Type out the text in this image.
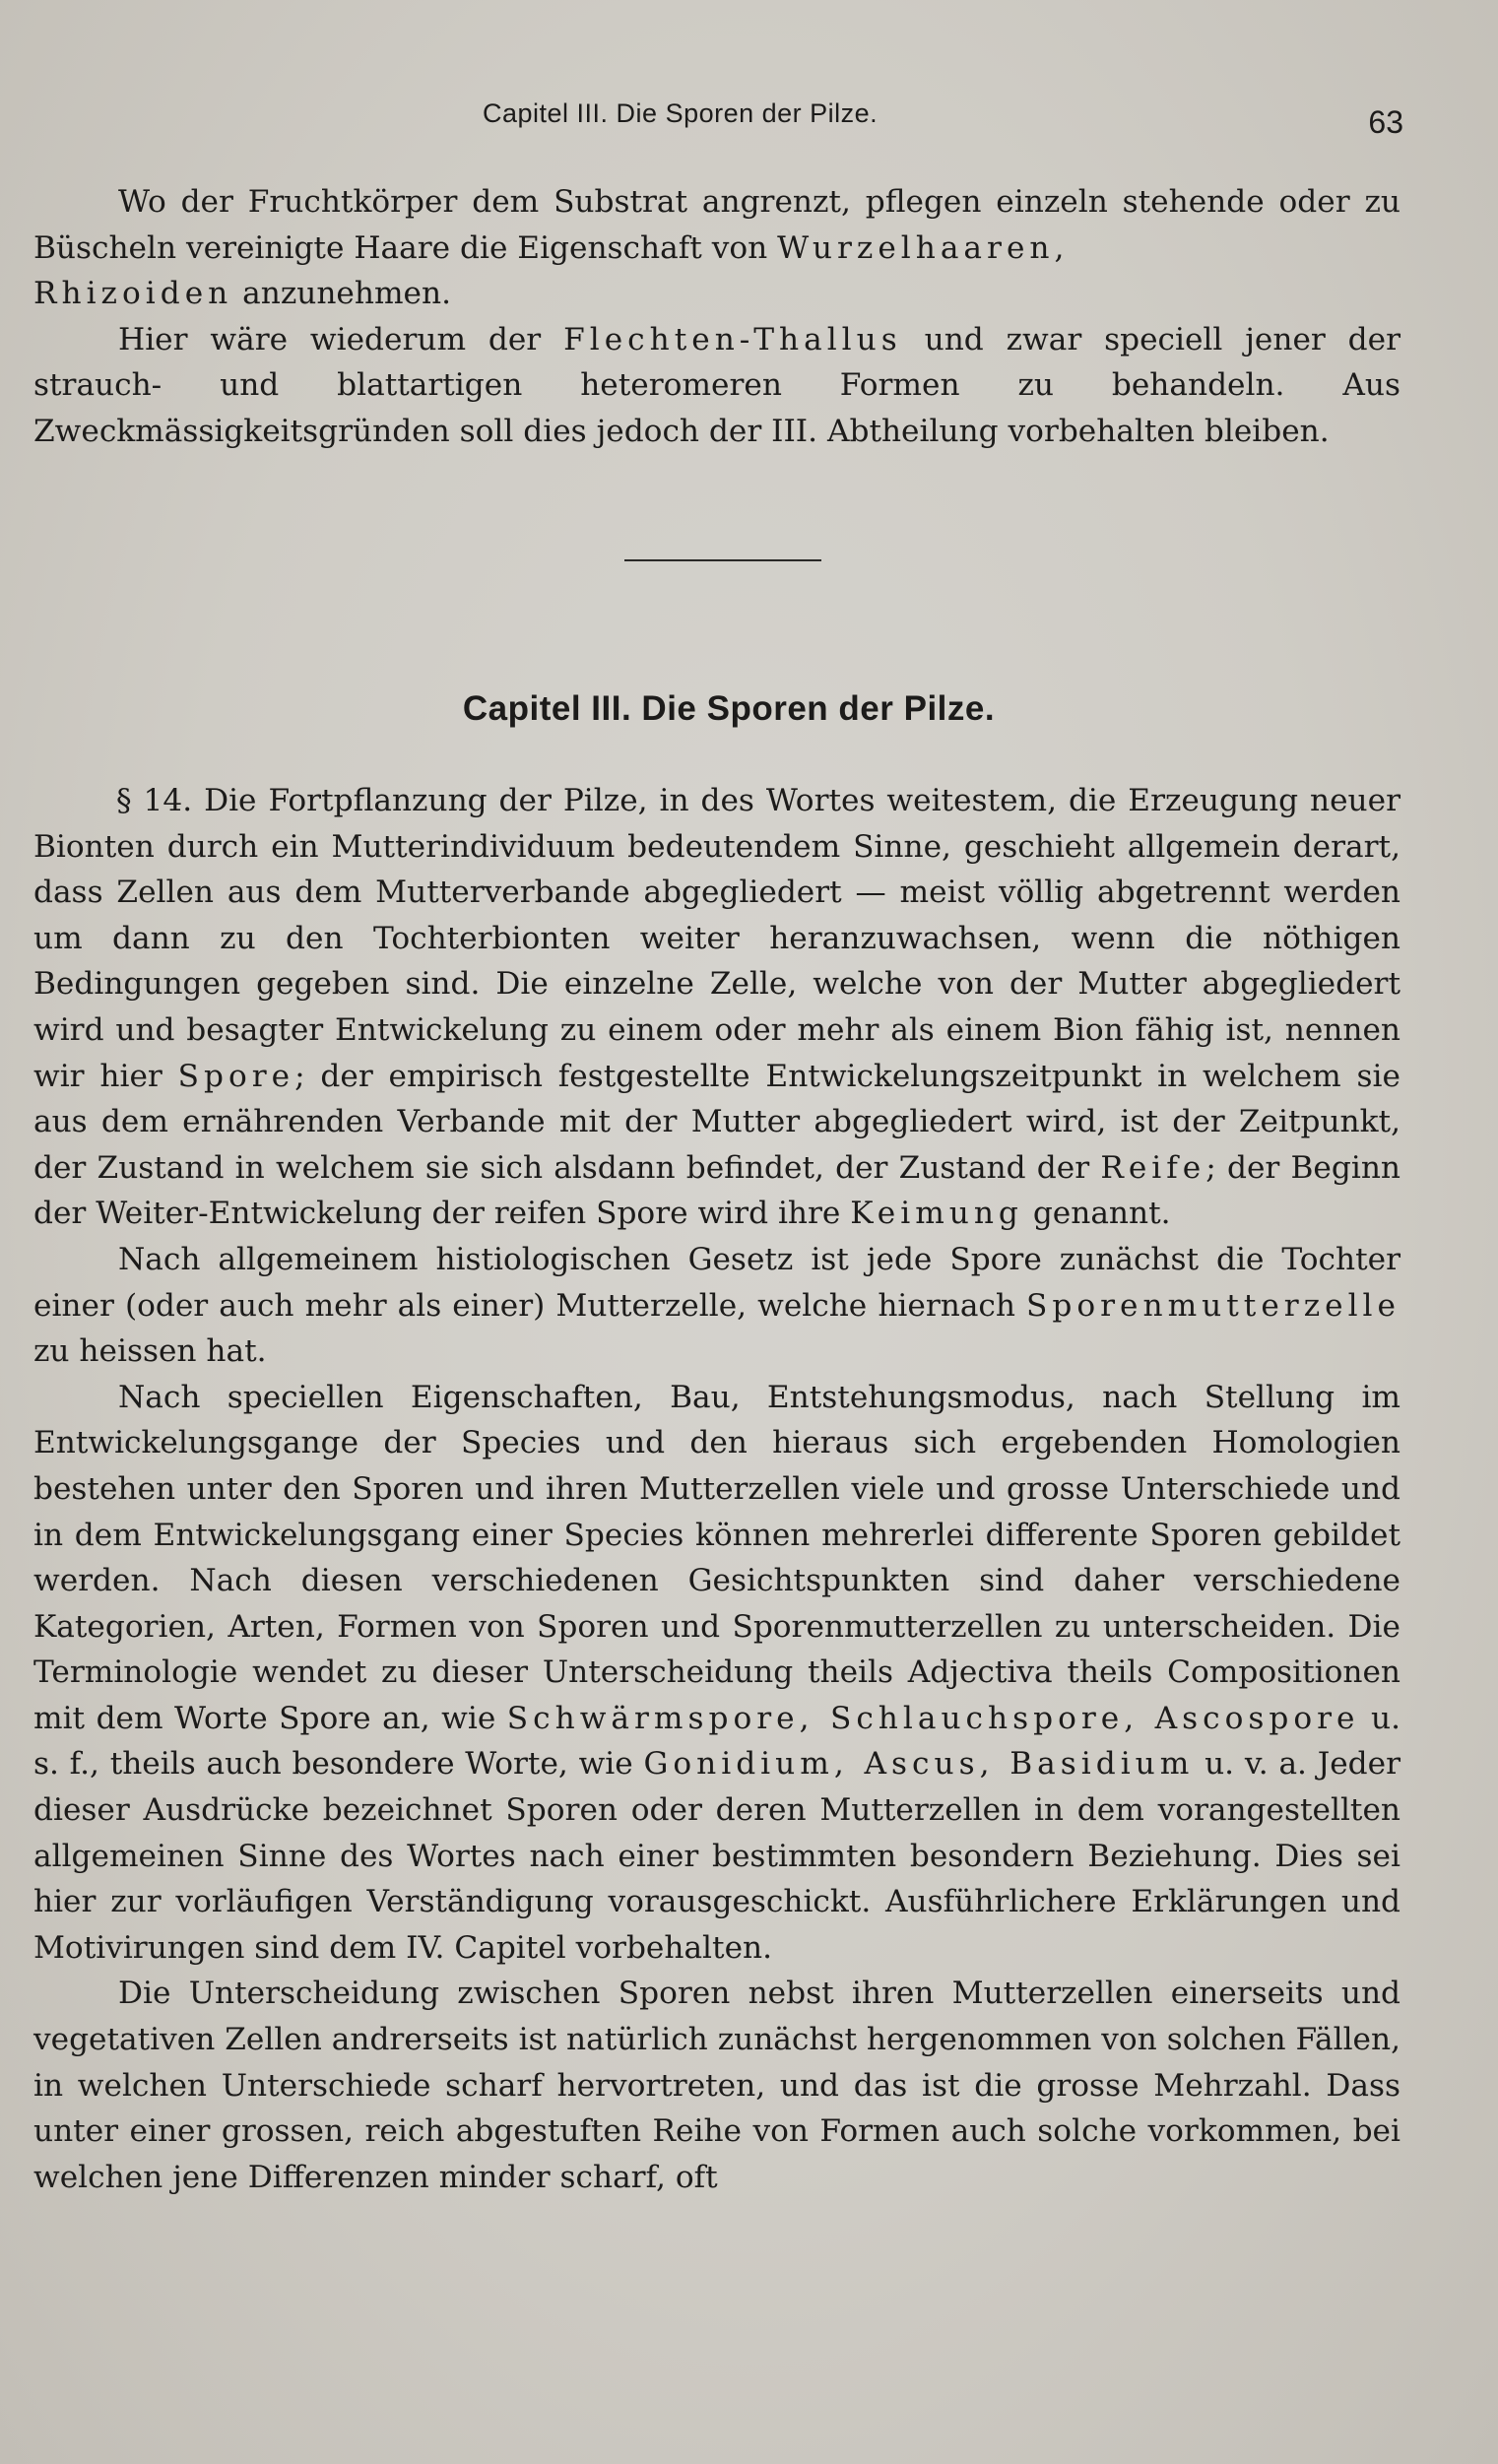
Capitel III. Die Sporen der Pilze.	63

Wo der Fruchtkörper dem Substrat angrenzt, pflegen einzeln stehende oder zu Büscheln vereinigte Haare die Eigenschaft von Wurzelhaaren,
Rhizoiden anzunehmen.

Hier wäre wiederum der Flechten-Thallus und zwar speciell jener der strauch- und blattartigen heteromeren Formen zu behandeln. Aus Zweckmässigkeitsgründen soll dies jedoch der III. Abtheilung vorbehalten bleiben.

Capitel III. Die Sporen der Pilze.

§ 14. Die Fortpflanzung der Pilze, in des Wortes weitestem, die Erzeugung neuer Bionten durch ein Mutterindividuum bedeutendem Sinne, geschieht allgemein derart, dass Zellen aus dem Mutterverbande abgegliedert — meist völlig abgetrennt werden um dann zu den Tochterbionten weiter heranzuwachsen, wenn die nöthigen Bedingungen gegeben sind. Die einzelne Zelle, welche von der Mutter abgegliedert wird und besagter Entwickelung zu einem oder mehr als einem Bion fähig ist, nennen wir hier Spore; der empirisch festgestellte Entwickelungszeitpunkt in welchem sie aus dem ernährenden Verbande mit der Mutter abgegliedert wird, ist der Zeitpunkt, der Zustand in welchem sie sich alsdann befindet, der Zustand der Reife; der Beginn der Weiter-Entwickelung der reifen Spore wird ihre Keimung genannt.

Nach allgemeinem histiologischen Gesetz ist jede Spore zunächst die Tochter einer (oder auch mehr als einer) Mutterzelle, welche hiernach Sporenmutterzelle zu heissen hat.

Nach speciellen Eigenschaften, Bau, Entstehungsmodus, nach Stellung im Entwickelungsgange der Species und den hieraus sich ergebenden Homologien bestehen unter den Sporen und ihren Mutterzellen viele und grosse Unterschiede und in dem Entwickelungsgang einer Species können mehrerlei differente Sporen gebildet werden. Nach diesen verschiedenen Gesichtspunkten sind daher verschiedene Kategorien, Arten, Formen von Sporen und Sporenmutterzellen zu unterscheiden. Die Terminologie wendet zu dieser Unterscheidung theils Adjectiva theils Compositionen mit dem Worte Spore an, wie Schwärmspore, Schlauchspore, Ascospore u. s. f., theils auch besondere Worte, wie Gonidium, Ascus, Basidium u. v. a. Jeder dieser Ausdrücke bezeichnet Sporen oder deren Mutterzellen in dem vorangestellten allgemeinen Sinne des Wortes nach einer bestimmten besondern Beziehung. Dies sei hier zur vorläufigen Verständigung vorausgeschickt. Ausführlichere Erklärungen und Motivirungen sind dem IV. Capitel vorbehalten.

Die Unterscheidung zwischen Sporen nebst ihren Mutterzellen einerseits und vegetativen Zellen andrerseits ist natürlich zunächst hergenommen von solchen Fällen, in welchen Unterschiede scharf hervortreten, und das ist die grosse Mehrzahl. Dass unter einer grossen, reich abgestuften Reihe von Formen auch solche vorkommen, bei welchen jene Differenzen minder scharf, oft
